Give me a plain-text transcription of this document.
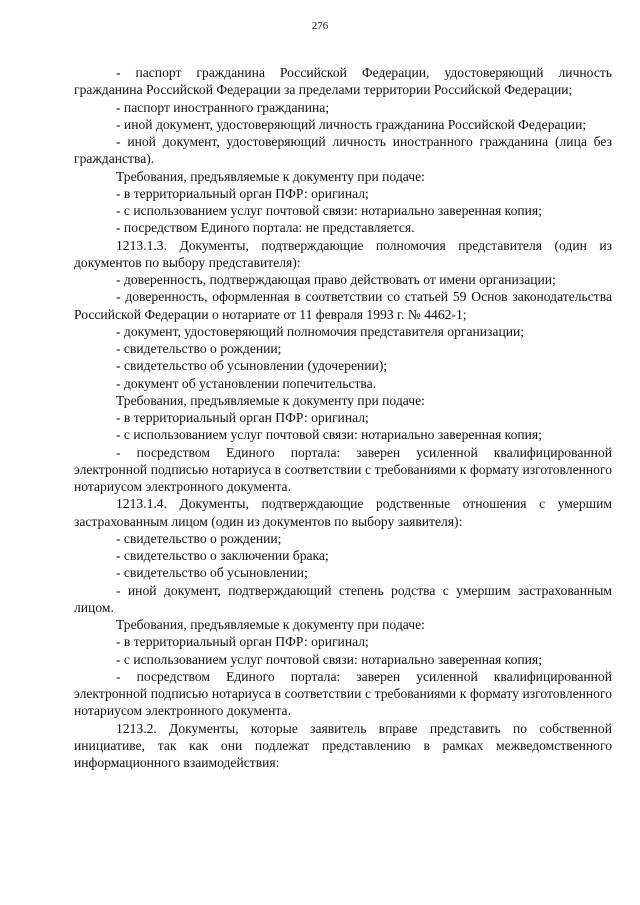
276

- паспорт гражданина Российской Федерации, удостоверяющий личность гражданина Российской Федерации за пределами территории Российской Федерации;

- паспорт иностранного гражданина;

- иной документ, удостоверяющий личность гражданина Российской Федерации;

- иной документ, удостоверяющий личность иностранного гражданина (лица без гражданства).

Требования, предъявляемые к документу при подаче:

- в территориальный орган ПФР: оригинал;

- с использованием услуг почтовой связи: нотариально заверенная копия;

- посредством Единого портала: не представляется.

1213.1.3. Документы, подтверждающие полномочия представителя (один из документов по выбору представителя):

- доверенность, подтверждающая право действовать от имени организации;

- доверенность, оформленная в соответствии со статьей 59 Основ законодательства Российской Федерации о нотариате от 11 февраля 1993 г. № 4462-1;

- документ, удостоверяющий полномочия представителя организации;

- свидетельство о рождении;

- свидетельство об усыновлении (удочерении);

- документ об установлении попечительства.

Требования, предъявляемые к документу при подаче:

- в территориальный орган ПФР: оригинал;

- с использованием услуг почтовой связи: нотариально заверенная копия;

- посредством Единого портала: заверен усиленной квалифицированной электронной подписью нотариуса в соответствии с требованиями к формату изготовленного нотариусом электронного документа.

1213.1.4. Документы, подтверждающие родственные отношения с умершим застрахованным лицом (один из документов по выбору заявителя):

- свидетельство о рождении;

- свидетельство о заключении брака;

- свидетельство об усыновлении;

- иной документ, подтверждающий степень родства с умершим застрахованным лицом.

Требования, предъявляемые к документу при подаче:

- в территориальный орган ПФР: оригинал;

- с использованием услуг почтовой связи: нотариально заверенная копия;

- посредством Единого портала: заверен усиленной квалифицированной электронной подписью нотариуса в соответствии с требованиями к формату изготовленного нотариусом электронного документа.

1213.2. Документы, которые заявитель вправе представить по собственной инициативе, так как они подлежат представлению в рамках межведомственного информационного взаимодействия:
